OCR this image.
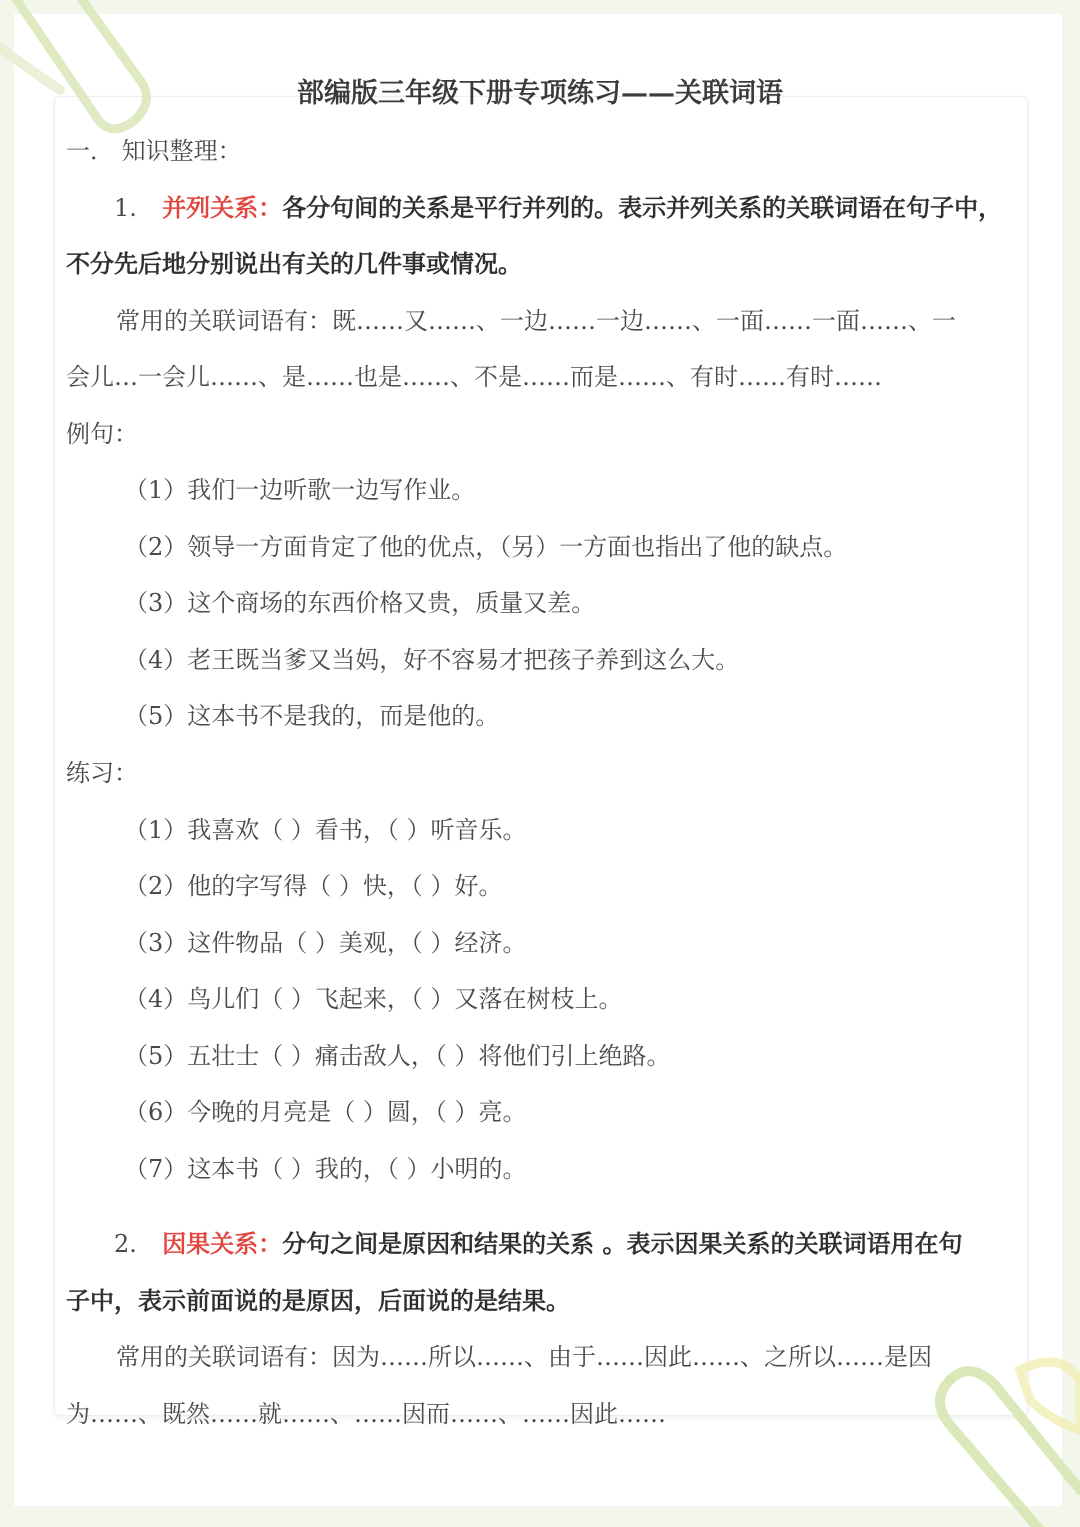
部编版三年级下册专项练习——关联词语
一． 知识整理：
1. 并列关系：各分句间的关系是平行并列的。表示并列关系的关联词语在句子中，
不分先后地分别说出有关的几件事或情况。
常用的关联词语有：既……又……、一边……一边……、一面……一面……、一
会儿…一会儿……、是……也是……、不是……而是……、有时……有时……
例句：
（1）我们一边听歌一边写作业。
（2）领导一方面肯定了他的优点，（另）一方面也指出了他的缺点。
（3）这个商场的东西价格又贵，质量又差。
（4）老王既当爹又当妈，好不容易才把孩子养到这么大。
（5）这本书不是我的，而是他的。
练习：
（1）我喜欢（ ）看书，（ ）听音乐。
（2）他的字写得（ ）快，（ ）好。
（3）这件物品（ ）美观，（ ）经济。
（4）鸟儿们（ ）飞起来，（ ）又落在树枝上。
（5）五壮士（ ）痛击敌人，（ ）将他们引上绝路。
（6）今晚的月亮是（ ）圆，（ ）亮。
（7）这本书（ ）我的，（ ）小明的。
2. 因果关系：分句之间是原因和结果的关系 。表示因果关系的关联词语用在句
子中，表示前面说的是原因，后面说的是结果。
常用的关联词语有：因为……所以……、由于……因此……、之所以……是因
为……、既然……就……、……因而……、……因此……
